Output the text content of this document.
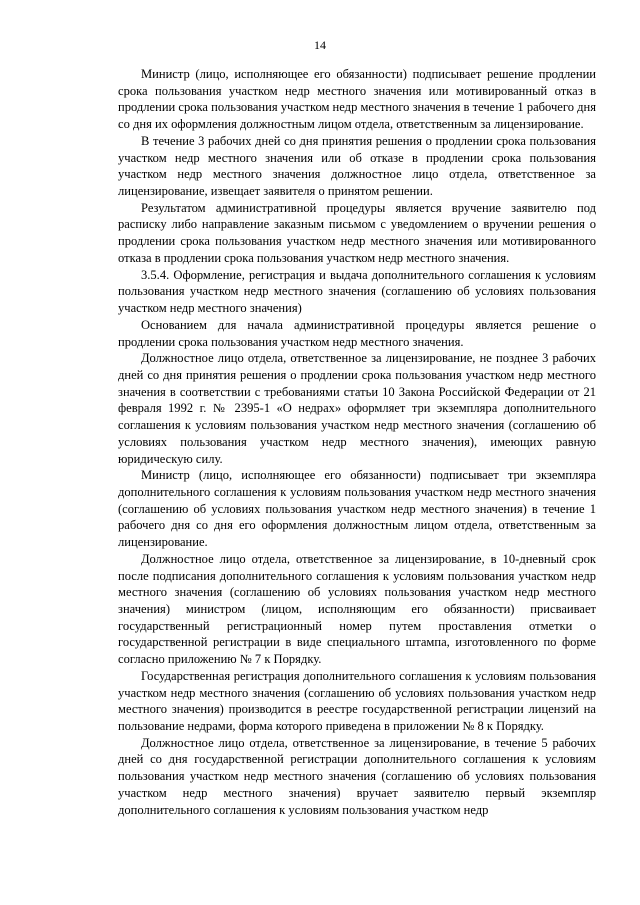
14

Министр (лицо, исполняющее его обязанности) подписывает решение продлении срока пользования участком недр местного значения или мотивированный отказ в продлении срока пользования участком недр местного значения в течение 1 рабочего дня со дня их оформления должностным лицом отдела, ответственным за лицензирование.

В течение 3 рабочих дней со дня принятия решения о продлении срока пользования участком недр местного значения или об отказе в продлении срока пользования участком недр местного значения должностное лицо отдела, ответственное за лицензирование, извещает заявителя о принятом решении.

Результатом административной процедуры является вручение заявителю под расписку либо направление заказным письмом с уведомлением о вручении решения о продлении срока пользования участком недр местного значения или мотивированного отказа в продлении срока пользования участком недр местного значения.

3.5.4. Оформление, регистрация и выдача дополнительного соглашения к условиям пользования участком недр местного значения (соглашению об условиях пользования участком недр местного значения)

Основанием для начала административной процедуры является решение о продлении срока пользования участком недр местного значения.

Должностное лицо отдела, ответственное за лицензирование, не позднее 3 рабочих дней со дня принятия решения о продлении срока пользования участком недр местного значения в соответствии с требованиями статьи 10 Закона Российской Федерации от 21 февраля 1992 г. № 2395-1 «О недрах» оформляет три экземпляра дополнительного соглашения к условиям пользования участком недр местного значения (соглашению об условиях пользования участком недр местного значения), имеющих равную юридическую силу.

Министр (лицо, исполняющее его обязанности) подписывает три экземпляра дополнительного соглашения к условиям пользования участком недр местного значения (соглашению об условиях пользования участком недр местного значения) в течение 1 рабочего дня со дня его оформления должностным лицом отдела, ответственным за лицензирование.

Должностное лицо отдела, ответственное за лицензирование, в 10-дневный срок после подписания дополнительного соглашения к условиям пользования участком недр местного значения (соглашению об условиях пользования участком недр местного значения) министром (лицом, исполняющим его обязанности) присваивает государственный регистрационный номер путем проставления отметки о государственной регистрации в виде специального штампа, изготовленного по форме согласно приложению № 7 к Порядку.

Государственная регистрация дополнительного соглашения к условиям пользования участком недр местного значения (соглашению об условиях пользования участком недр местного значения) производится в реестре государственной регистрации лицензий на пользование недрами, форма которого приведена в приложении № 8 к Порядку.

Должностное лицо отдела, ответственное за лицензирование, в течение 5 рабочих дней со дня государственной регистрации дополнительного соглашения к условиям пользования участком недр местного значения (соглашению об условиях пользования участком недр местного значения) вручает заявителю первый экземпляр дополнительного соглашения к условиям пользования участком недр
